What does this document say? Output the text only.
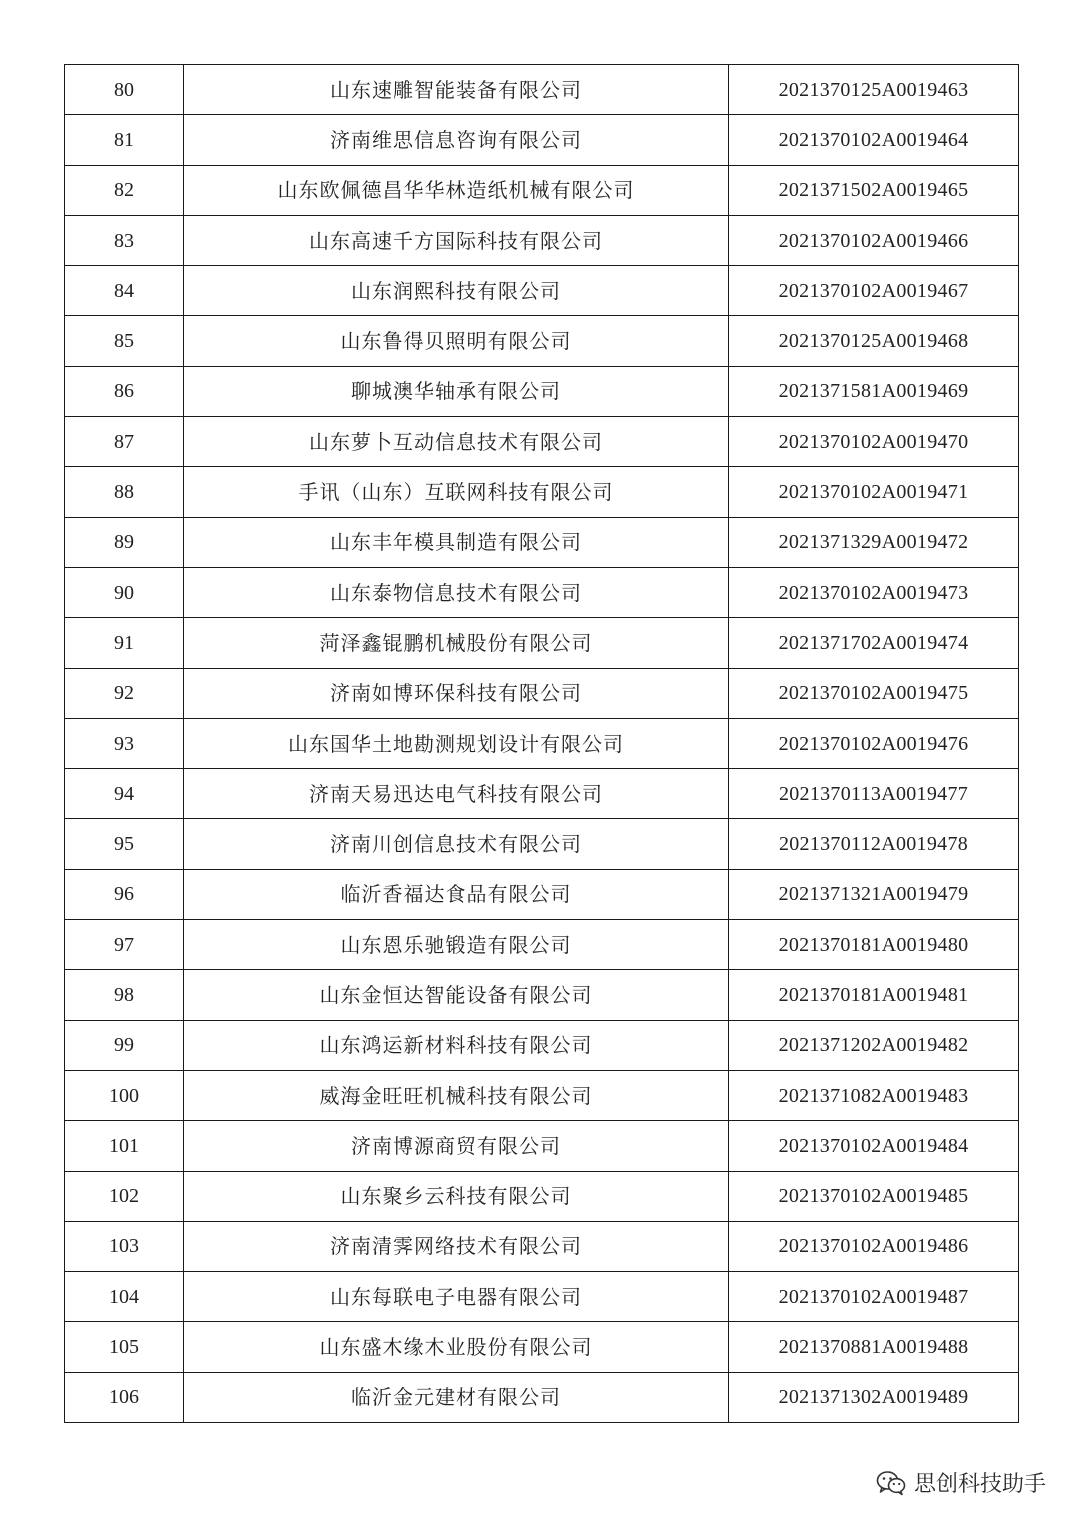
80	山东速雕智能装备有限公司	2021370125A0019463
81	济南维思信息咨询有限公司	2021370102A0019464
82	山东欧佩德昌华华林造纸机械有限公司	2021371502A0019465
83	山东高速千方国际科技有限公司	2021370102A0019466
84	山东润熙科技有限公司	2021370102A0019467
85	山东鲁得贝照明有限公司	2021370125A0019468
86	聊城澳华轴承有限公司	2021371581A0019469
87	山东萝卜互动信息技术有限公司	2021370102A0019470
88	手讯（山东）互联网科技有限公司	2021370102A0019471
89	山东丰年模具制造有限公司	2021371329A0019472
90	山东泰物信息技术有限公司	2021370102A0019473
91	菏泽鑫锟鹏机械股份有限公司	2021371702A0019474
92	济南如博环保科技有限公司	2021370102A0019475
93	山东国华土地勘测规划设计有限公司	2021370102A0019476
94	济南天易迅达电气科技有限公司	2021370113A0019477
95	济南川创信息技术有限公司	2021370112A0019478
96	临沂香福达食品有限公司	2021371321A0019479
97	山东恩乐驰锻造有限公司	2021370181A0019480
98	山东金恒达智能设备有限公司	2021370181A0019481
99	山东鸿运新材料科技有限公司	2021371202A0019482
100	威海金旺旺机械科技有限公司	2021371082A0019483
101	济南博源商贸有限公司	2021370102A0019484
102	山东聚乡云科技有限公司	2021370102A0019485
103	济南清霁网络技术有限公司	2021370102A0019486
104	山东每联电子电器有限公司	2021370102A0019487
105	山东盛木缘木业股份有限公司	2021370881A0019488
106	临沂金元建材有限公司	2021371302A0019489
思创科技助手
